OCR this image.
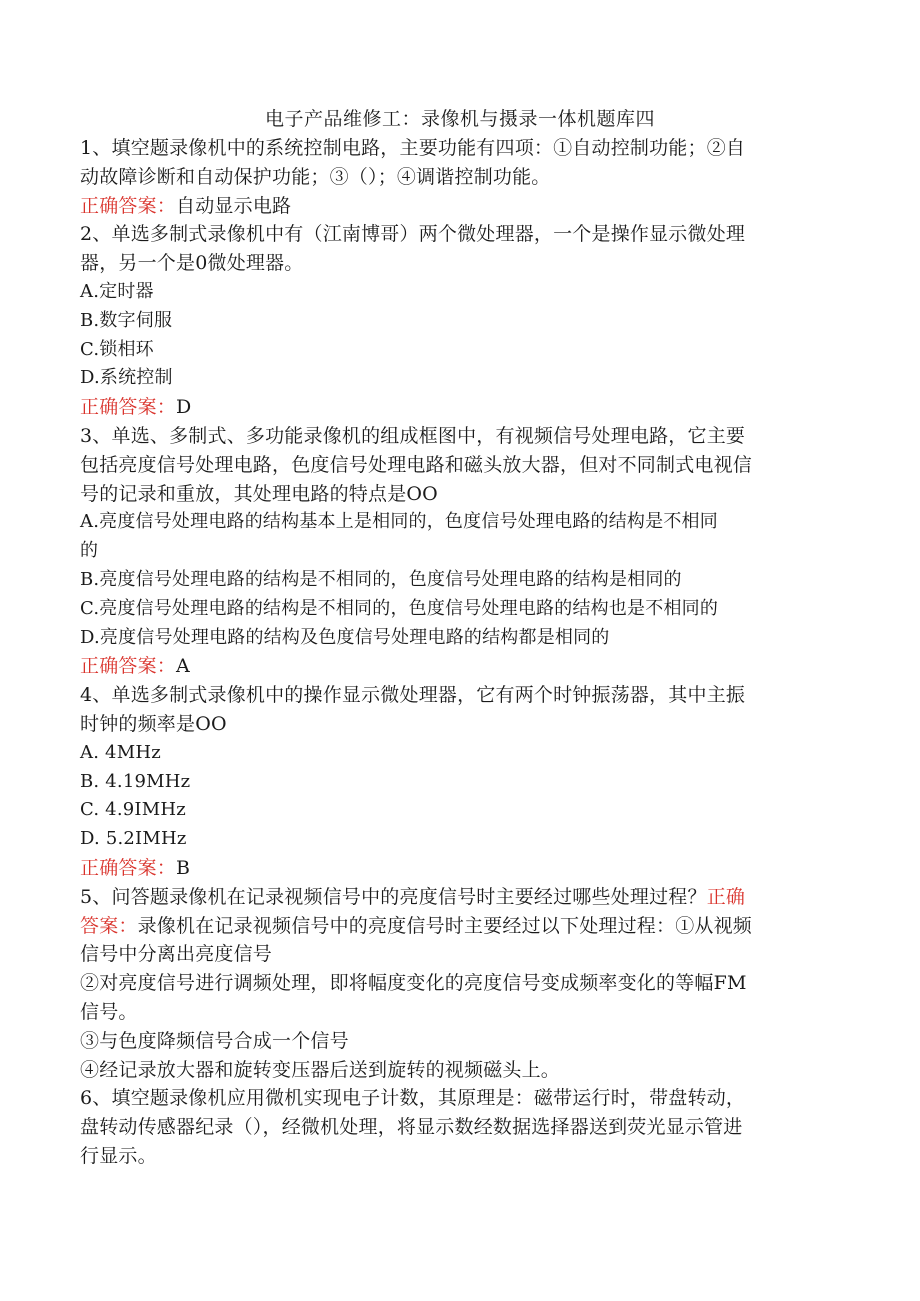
电子产品维修工：录像机与摄录一体机题库四
1、填空题录像机中的系统控制电路，主要功能有四项：①自动控制功能；②自
动故障诊断和自动保护功能；③（）；④调谐控制功能。
正确答案：自动显示电路
2、单选多制式录像机中有（江南博哥）两个微处理器，一个是操作显示微处理
器，另一个是0微处理器。
A.定时器
B.数字伺服
C.锁相环
D.系统控制
正确答案：D
3、单选、多制式、多功能录像机的组成框图中，有视频信号处理电路，它主要
包括亮度信号处理电路，色度信号处理电路和磁头放大器，但对不同制式电视信
号的记录和重放，其处理电路的特点是OO
A.亮度信号处理电路的结构基本上是相同的，色度信号处理电路的结构是不相同
的
B.亮度信号处理电路的结构是不相同的，色度信号处理电路的结构是相同的
C.亮度信号处理电路的结构是不相同的，色度信号处理电路的结构也是不相同的
D.亮度信号处理电路的结构及色度信号处理电路的结构都是相同的
正确答案：A
4、单选多制式录像机中的操作显示微处理器，它有两个时钟振荡器，其中主振
时钟的频率是OO
A. 4MHz
B. 4.19MHz
C. 4.9IMHz
D. 5.2IMHz
正确答案：B
5、问答题录像机在记录视频信号中的亮度信号时主要经过哪些处理过程？正确
答案：录像机在记录视频信号中的亮度信号时主要经过以下处理过程：①从视频
信号中分离出亮度信号
②对亮度信号进行调频处理，即将幅度变化的亮度信号变成频率变化的等幅FM
信号。
③与色度降频信号合成一个信号
④经记录放大器和旋转变压器后送到旋转的视频磁头上。
6、填空题录像机应用微机实现电子计数，其原理是：磁带运行时，带盘转动，
盘转动传感器纪录（），经微机处理，将显示数经数据选择器送到荧光显示管进
行显示。
